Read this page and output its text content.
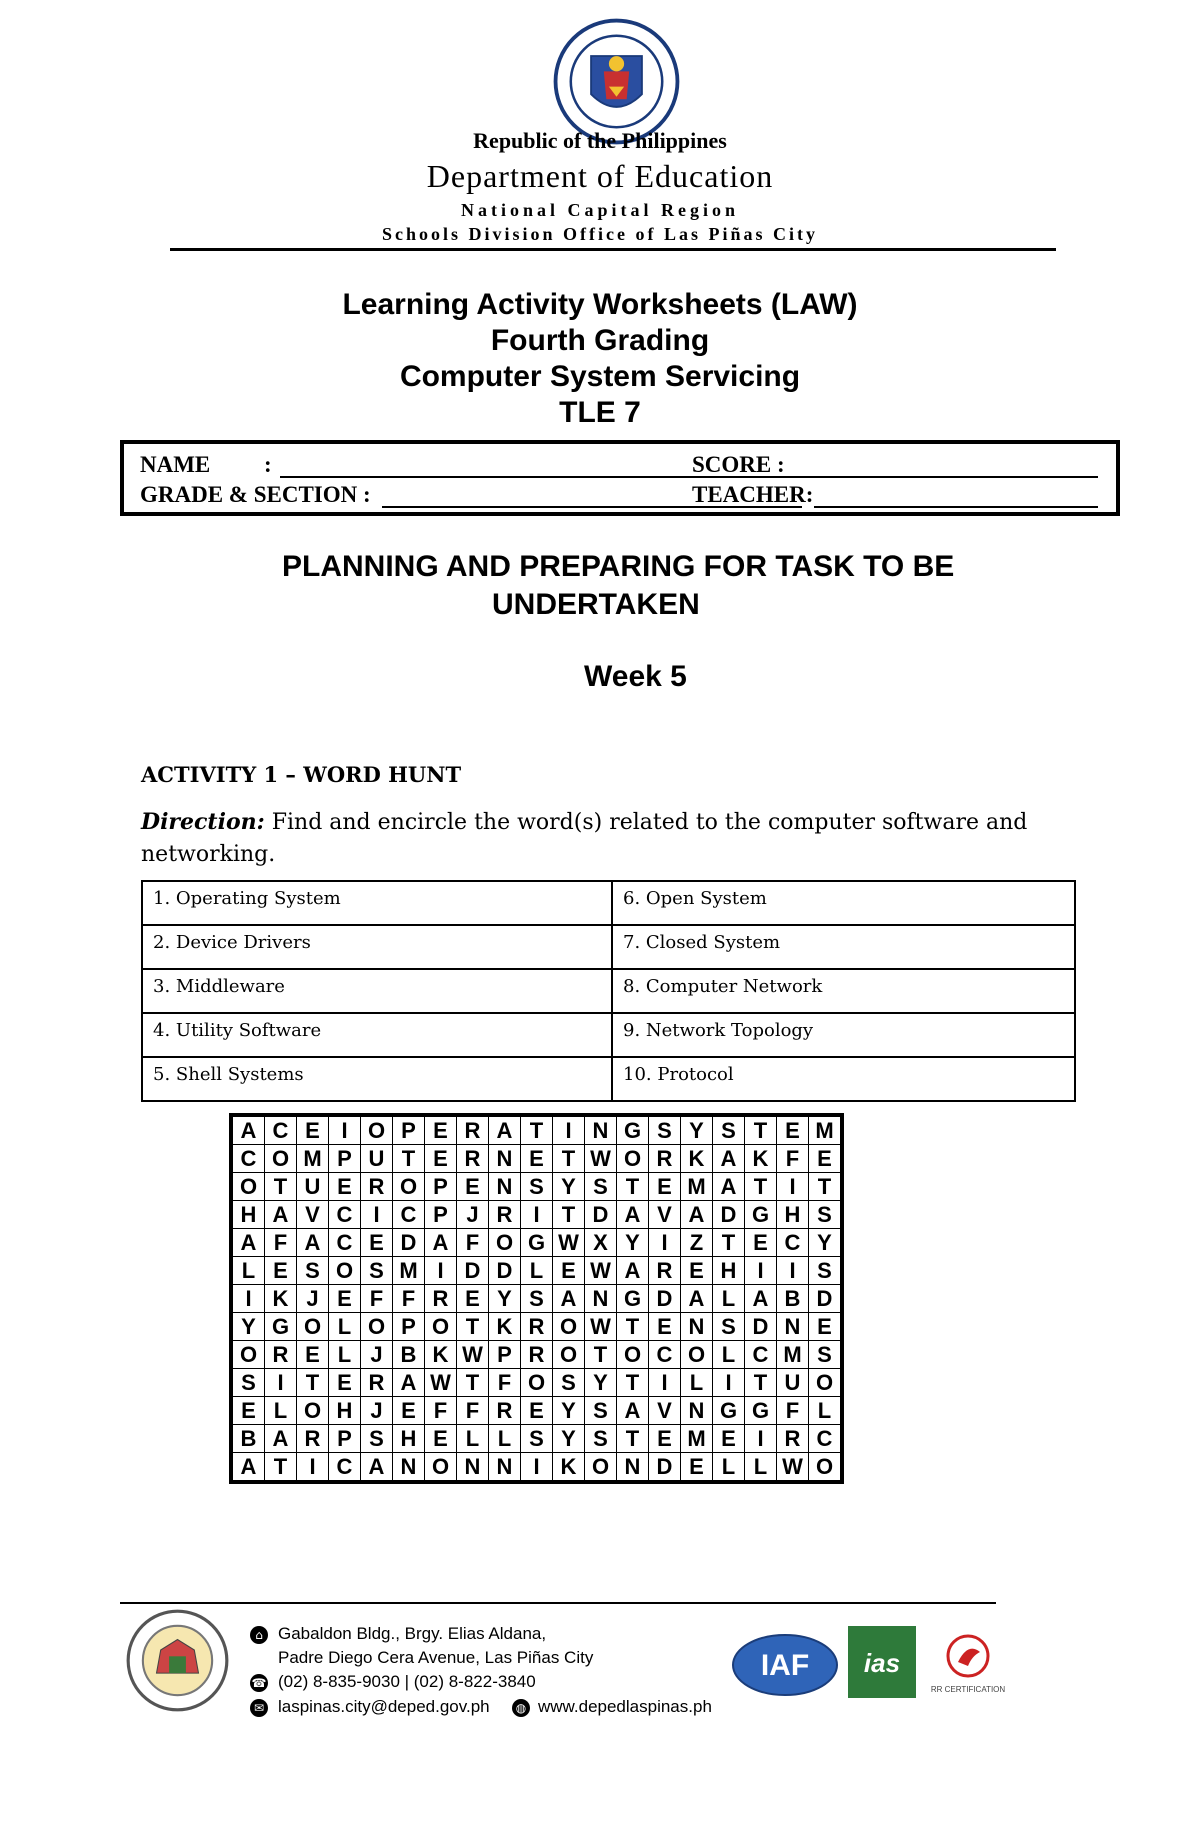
Republic of the Philippines
Department of Education
National Capital Region
Schools Division Office of Las Piñas City
Learning Activity Worksheets (LAW)
Fourth Grading
Computer System Servicing
TLE 7
NAME :	SCORE :
GRADE & SECTION :	TEACHER:
PLANNING AND PREPARING FOR TASK TO BE
UNDERTAKEN
Week 5
ACTIVITY 1 – WORD HUNT
Direction: Find and encircle the word(s) related to the computer software and networking.
1. Operating System	6. Open System
2. Device Drivers	7. Closed System
3. Middleware	8. Computer Network
4. Utility Software	9. Network Topology
5. Shell Systems	10. Protocol
A	C	E	I	O	P	E	R	A	T	I	N	G	S	Y	S	T	E	M
C	O	M	P	U	T	E	R	N	E	T	W	O	R	K	A	K	F	E
O	T	U	E	R	O	P	E	N	S	Y	S	T	E	M	A	T	I	T
H	A	V	C	I	C	P	J	R	I	T	D	A	V	A	D	G	H	S
A	F	A	C	E	D	A	F	O	G	W	X	Y	I	Z	T	E	C	Y
L	E	S	O	S	M	I	D	D	L	E	W	A	R	E	H	I	I	S
I	K	J	E	F	F	R	E	Y	S	A	N	G	D	A	L	A	B	D
Y	G	O	L	O	P	O	T	K	R	O	W	T	E	N	S	D	N	E
O	R	E	L	J	B	K	W	P	R	O	T	O	C	O	L	C	M	S
S	I	T	E	R	A	W	T	F	O	S	Y	T	I	L	I	T	U	O
E	L	O	H	J	E	F	F	R	E	Y	S	A	V	N	G	G	F	L
B	A	R	P	S	H	E	L	L	S	Y	S	T	E	M	E	I	R	C
A	T	I	C	A	N	O	N	N	I	K	O	N	D	E	L	L	W	O
⌂ Gabaldon Bldg., Brgy. Elias Aldana,
Padre Diego Cera Avenue, Las Piñas City
☎ (02) 8-835-9030 | (02) 8-822-3840
✉ laspinas.city@deped.gov.ph	◍ www.depedlaspinas.ph
IAF ias
RR CERTIFICATION
